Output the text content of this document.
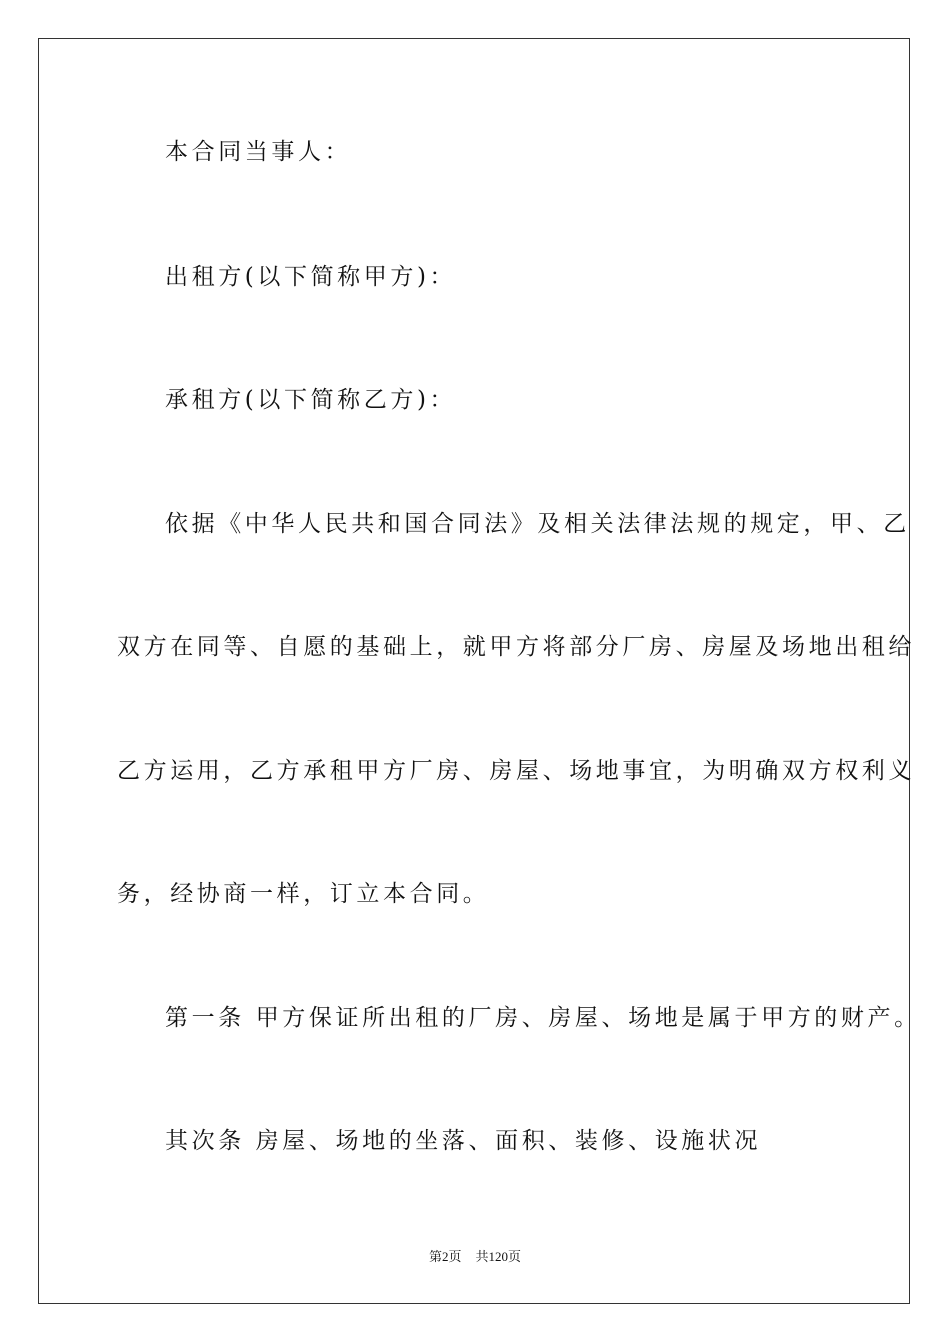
本合同当事人：
出租方(以下简称甲方)：
承租方(以下简称乙方)：
依据《中华人民共和国合同法》及相关法律法规的规定，甲、乙
双方在同等、自愿的基础上，就甲方将部分厂房、房屋及场地出租给
乙方运用，乙方承租甲方厂房、房屋、场地事宜，为明确双方权利义
务，经协商一样，订立本合同。
第一条 甲方保证所出租的厂房、房屋、场地是属于甲方的财产。
其次条 房屋、场地的坐落、面积、装修、设施状况
第2页 共120页
